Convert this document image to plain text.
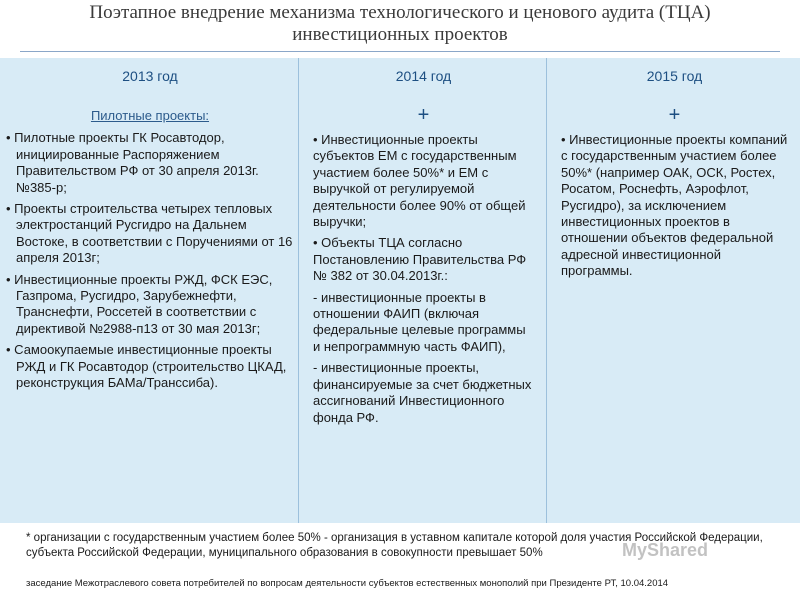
Поэтапное внедрение механизма технологического и ценового аудита (ТЦА)
инвестиционных проектов
2013 год
Пилотные проекты:
• Пилотные проекты ГК Росавтодор, инициированные Распоряжением Правительством РФ от 30 апреля 2013г. №385-р;
• Проекты строительства четырех тепловых электростанций Русгидро на Дальнем Востоке, в соответствии с Поручениями от 16 апреля 2013г;
• Инвестиционные проекты РЖД, ФСК ЕЭС, Газпрома, Русгидро, Зарубежнефти, Транснефти, Россетей в соответствии с директивой №2988-п13 от 30 мая 2013г;
• Самоокупаемые инвестиционные проекты РЖД и ГК Росавтодор (строительство ЦКАД, реконструкция БАМа/Транссиба).
2014 год
+
• Инвестиционные проекты субъектов ЕМ с государственным участием более 50%* и ЕМ с выручкой от регулируемой деятельности более 90% от общей выручки;
• Объекты ТЦА согласно Постановлению Правительства РФ № 382 от 30.04.2013г.:
- инвестиционные проекты в отношении ФАИП (включая федеральные целевые программы и непрограммную часть ФАИП),
- инвестиционные проекты, финансируемые за счет бюджетных ассигнований Инвестиционного фонда РФ.
2015 год
+
• Инвестиционные проекты компаний с государственным участием более 50%* (например ОАК, ОСК, Ростех, Росатом, Роснефть, Аэрофлот, Русгидро), за исключением инвестиционных проектов в отношении объектов федеральной адресной инвестиционной программы.
* организации с государственным участием более 50% - организация в уставном капитале которой доля участия Российской Федерации, субъекта Российской Федерации, муниципального образования в совокупности превышает 50%
заседание Межотраслевого совета потребителей по вопросам деятельности субъектов естественных монополий при Президенте РТ, 10.04.2014
MyShared
